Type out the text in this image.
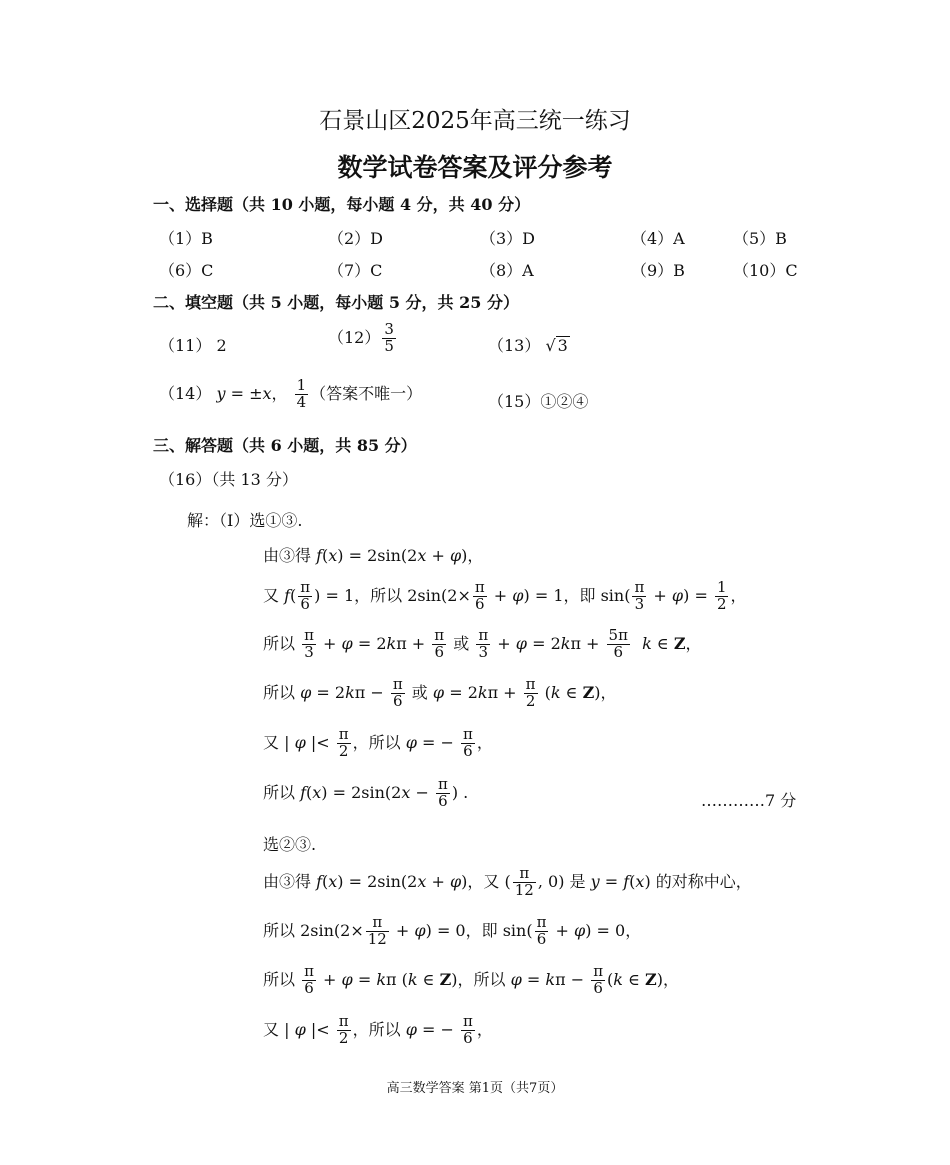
石景山区2025年高三统一练习
数学试卷答案及评分参考
一、选择题（共 10 小题，每小题 4 分，共 40 分）
（1）B	（2）D	（3）D	（4）A	（5）B
（6）C	（7）C	（8）A	（9）B	（10）C
二、填空题（共 5 小题，每小题 5 分，共 25 分）
（11） 2	$(12) \frac{3}{5}$	（13） √ 3
（14） y = ±x， $\frac{1}{4}$ （答案不唯一）	（15）①②④
三、解答题（共 6 小题，共 85 分）
（16）（共 13 分）
解：（Ⅰ）选①③.
由③得 f(x) = 2sin(2x + φ)，
又 $f( \frac{\pi}{6}$ ) = 1，所以 $2\sin(2\times \frac{\pi}{6} + \varphi) = 1$，即 $\sin( \frac{\pi}{3} + \varphi) = \frac{1}{2}$ ，
所以 $\frac{\pi}{3} + \varphi = 2k\pi + \frac{\pi}{6}$ 或 $\frac{\pi}{3} + \varphi = 2k\pi + \frac{5\pi}{6}$ k ∈ Z，
所以 $\varphi = 2k\pi - \frac{\pi}{6}$ 或 $\varphi = 2k\pi + \frac{\pi}{2} (k$ ∈ Z)，
又 | φ |< $\frac{\pi}{2}$ ，所以 φ = − $\frac{\pi}{6}$ ，
所以 $f(x) = 2\sin(2x - \frac{\pi}{6}$ ) .	…………7 分
选②③.
由③得 f(x) = 2sin(2x + φ)，又 ( $\frac{\pi}{12}$ , 0) 是 y = f(x) 的对称中心，
所以 $2\sin(2\times \frac{\pi}{12} + \varphi) = 0$，即 $\sin( \frac{\pi}{6} + \varphi) = 0$，
所以 $\frac{\pi}{6} + \varphi = k\pi$ (k ∈ Z)，所以 $\varphi = k\pi - \frac{\pi}{6} (k$ ∈ Z)，
又 | φ |< $\frac{\pi}{2}$ ，所以 φ = − $\frac{\pi}{6}$ ，
高三数学答案 第1页（共7页）
